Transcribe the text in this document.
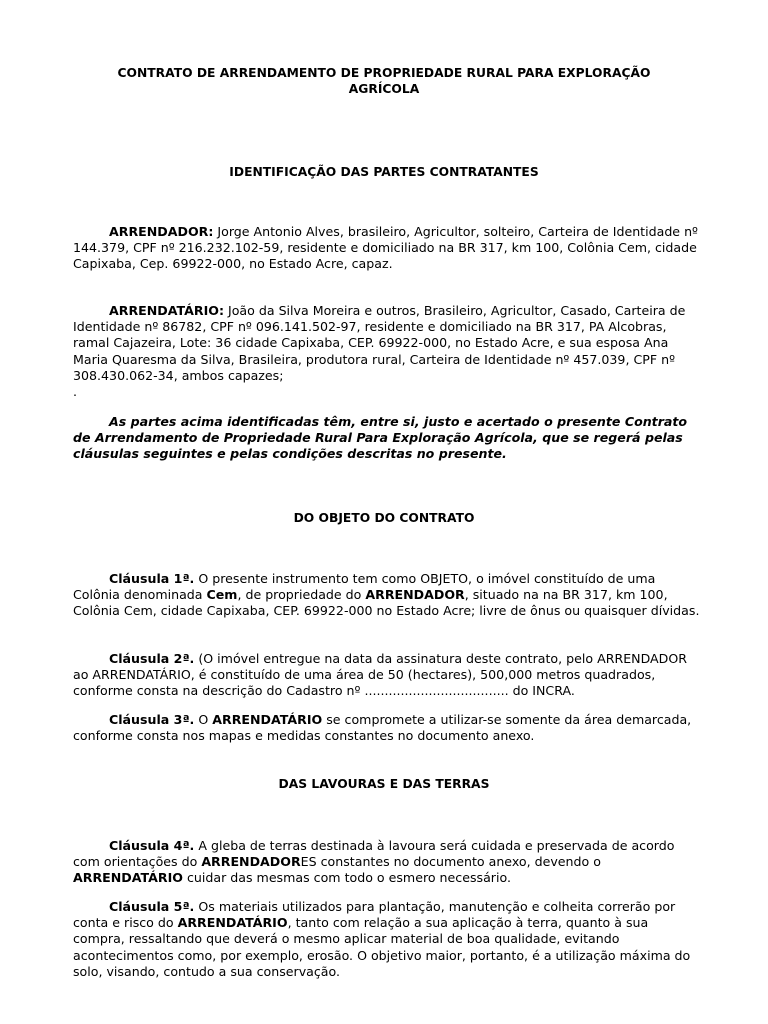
CONTRATO DE ARRENDAMENTO DE PROPRIEDADE RURAL PARA EXPLORAÇÃO
AGRÍCOLA

IDENTIFICAÇÃO DAS PARTES CONTRATANTES

ARRENDADOR: Jorge Antonio Alves, brasileiro, Agricultor, solteiro, Carteira de Identidade nº 144.379, CPF nº 216.232.102-59, residente e domiciliado na BR 317, km 100, Colônia Cem, cidade Capixaba, Cep. 69922-000, no Estado Acre, capaz.

ARRENDATÁRIO: João da Silva Moreira e outros, Brasileiro, Agricultor, Casado, Carteira de Identidade nº 86782, CPF nº 096.141.502-97, residente e domiciliado na BR 317, PA Alcobras, ramal Cajazeira, Lote: 36 cidade Capixaba, CEP. 69922-000, no Estado Acre, e sua esposa Ana Maria Quaresma da Silva, Brasileira, produtora rural, Carteira de Identidade nº 457.039, CPF nº 308.430.062-34, ambos capazes;
.

As partes acima identificadas têm, entre si, justo e acertado o presente Contrato de Arrendamento de Propriedade Rural Para Exploração Agrícola, que se regerá pelas cláusulas seguintes e pelas condições descritas no presente.

DO OBJETO DO CONTRATO

Cláusula 1ª. O presente instrumento tem como OBJETO, o imóvel constituído de uma Colônia denominada Cem, de propriedade do ARRENDADOR, situado na na BR 317, km 100, Colônia Cem, cidade Capixaba, CEP. 69922-000 no Estado Acre; livre de ônus ou quaisquer dívidas.

Cláusula 2ª. (O imóvel entregue na data da assinatura deste contrato, pelo ARRENDADOR ao ARRENDATÁRIO, é constituído de uma área de 50 (hectares), 500,000 metros quadrados, conforme consta na descrição do Cadastro nº .................................... do INCRA.

Cláusula 3ª. O ARRENDATÁRIO se compromete a utilizar-se somente da área demarcada, conforme consta nos mapas e medidas constantes no documento anexo.

DAS LAVOURAS E DAS TERRAS

Cláusula 4ª. A gleba de terras destinada à lavoura será cuidada e preservada de acordo com orientações do ARRENDADORES constantes no documento anexo, devendo o ARRENDATÁRIO cuidar das mesmas com todo o esmero necessário.

Cláusula 5ª. Os materiais utilizados para plantação, manutenção e colheita correrão por conta e risco do ARRENDATÁRIO, tanto com relação a sua aplicação à terra, quanto à sua compra, ressaltando que deverá o mesmo aplicar material de boa qualidade, evitando acontecimentos como, por exemplo, erosão. O objetivo maior, portanto, é a utilização máxima do solo, visando, contudo a sua conservação.
